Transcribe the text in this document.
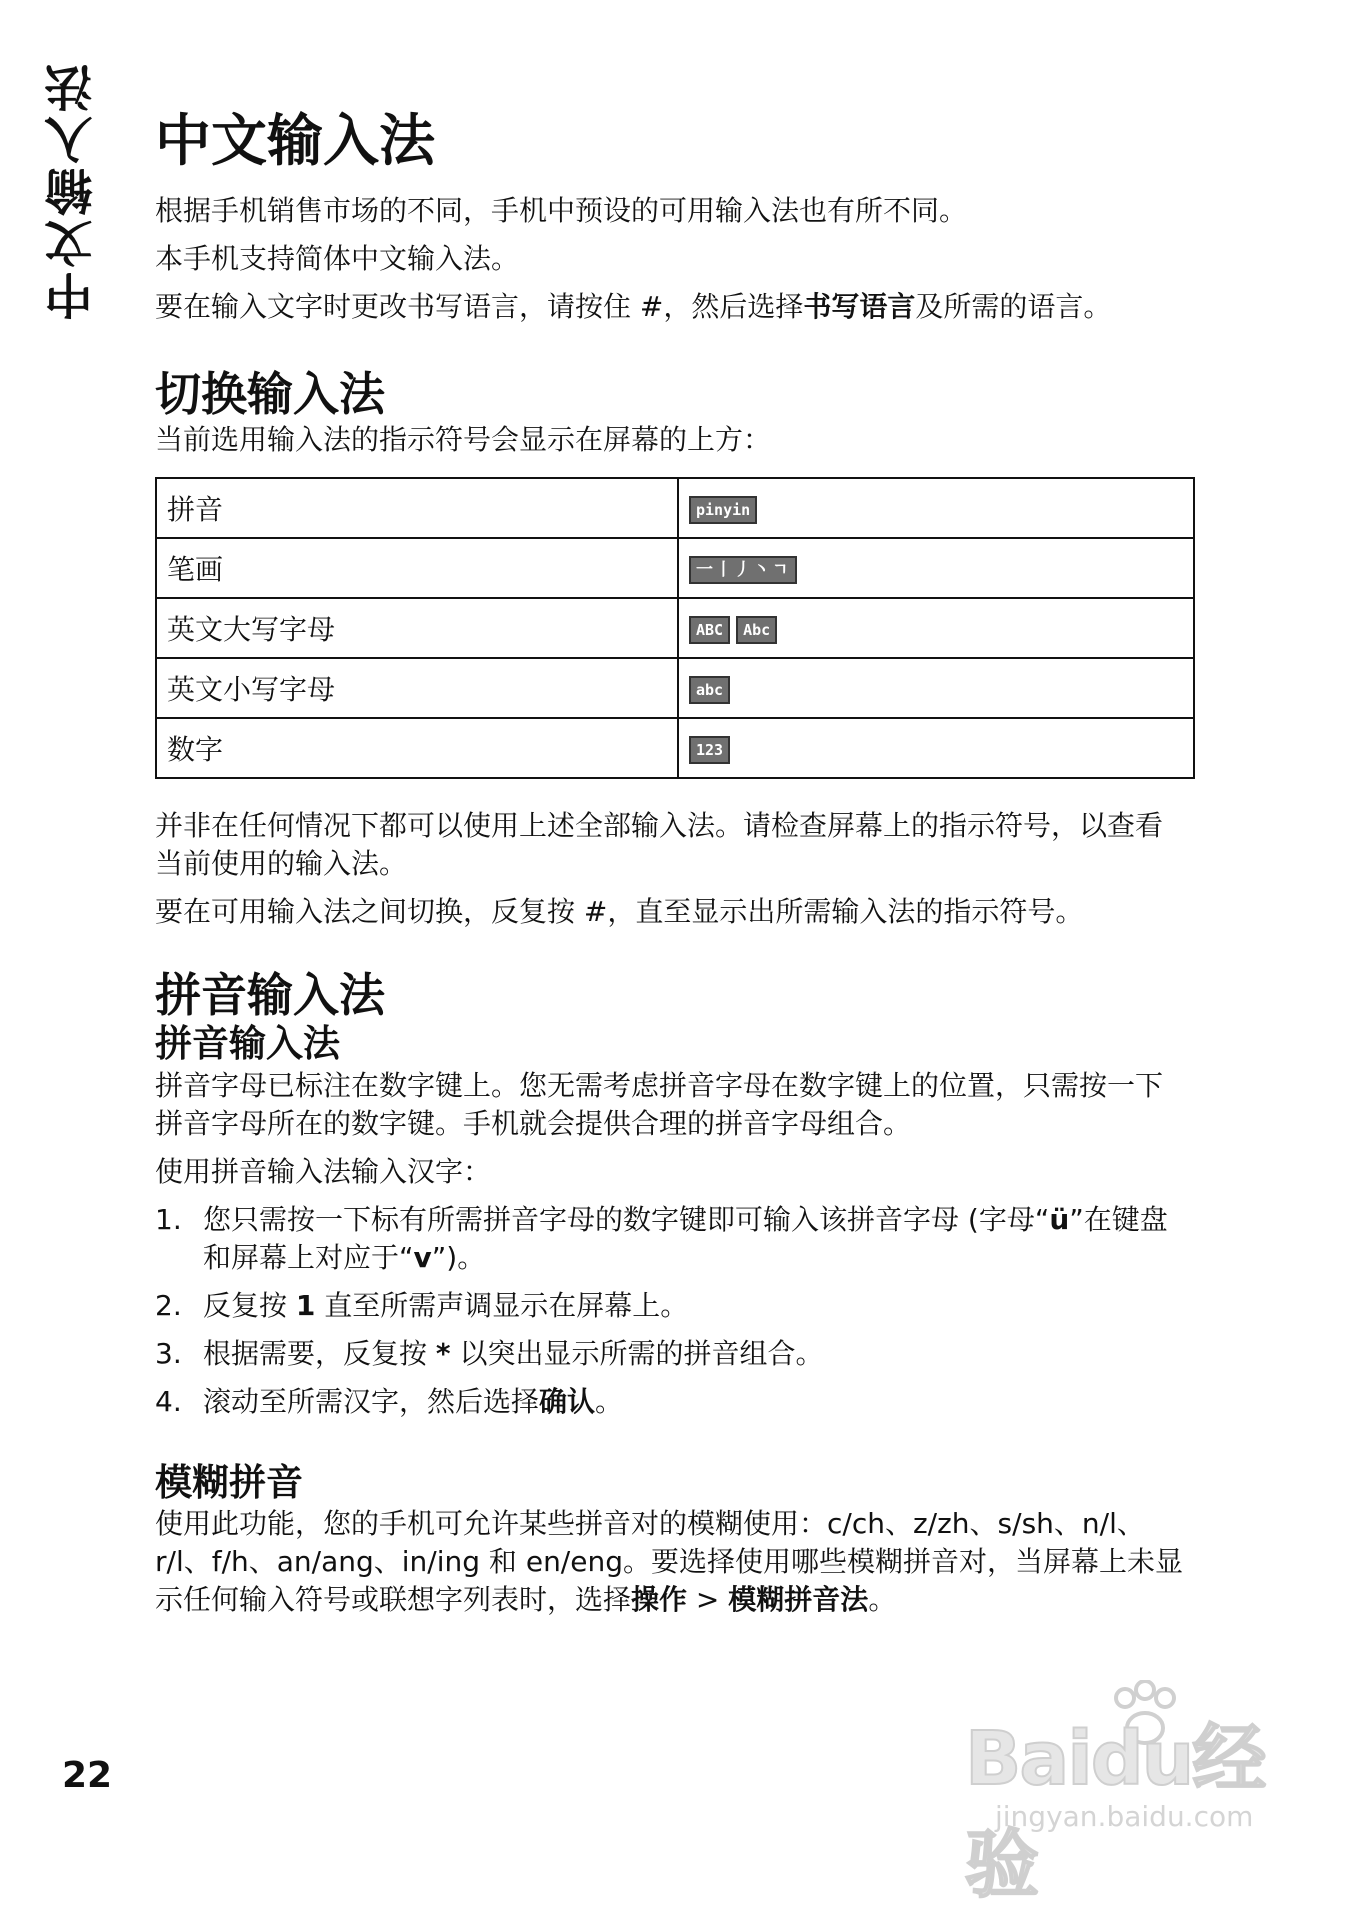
中文输入法 中文输入法

根据手机销售市场的不同，手机中预设的可用输入法也有所不同。

本手机支持简体中文输入法。

要在输入文字时更改书写语言，请按住 #，然后选择书写语言及所需的语言。

切换输入法

当前选用输入法的指示符号会显示在屏幕的上方：

拼音	pinyin
笔画	一丨丿丶ㄱ
英文大写字母	ABC Abc
英文小写字母	abc
数字	123

并非在任何情况下都可以使用上述全部输入法。请检查屏幕上的指示符号，以查看当前使用的输入法。

要在可用输入法之间切换，反复按 #，直至显示出所需输入法的指示符号。

拼音输入法
拼音输入法

拼音字母已标注在数字键上。您无需考虑拼音字母在数字键上的位置，只需按一下拼音字母所在的数字键。手机就会提供合理的拼音字母组合。

使用拼音输入法输入汉字：

1. 您只需按一下标有所需拼音字母的数字键即可输入该拼音字母 (字母“ü”在键盘和屏幕上对应于“v”)。
2. 反复按 1 直至所需声调显示在屏幕上。
3. 根据需要，反复按 * 以突出显示所需的拼音组合。
4. 滚动至所需汉字，然后选择确认。
模糊拼音

使用此功能，您的手机可允许某些拼音对的模糊使用：c/ch、z/zh、s/sh、n/l、r/l、f/h、an/ang、in/ing 和 en/eng。要选择使用哪些模糊拼音对，当屏幕上未显示任何输入符号或联想字列表时，选择操作 > 模糊拼音法。

22	Baidu经验
jingyan.baidu.com
